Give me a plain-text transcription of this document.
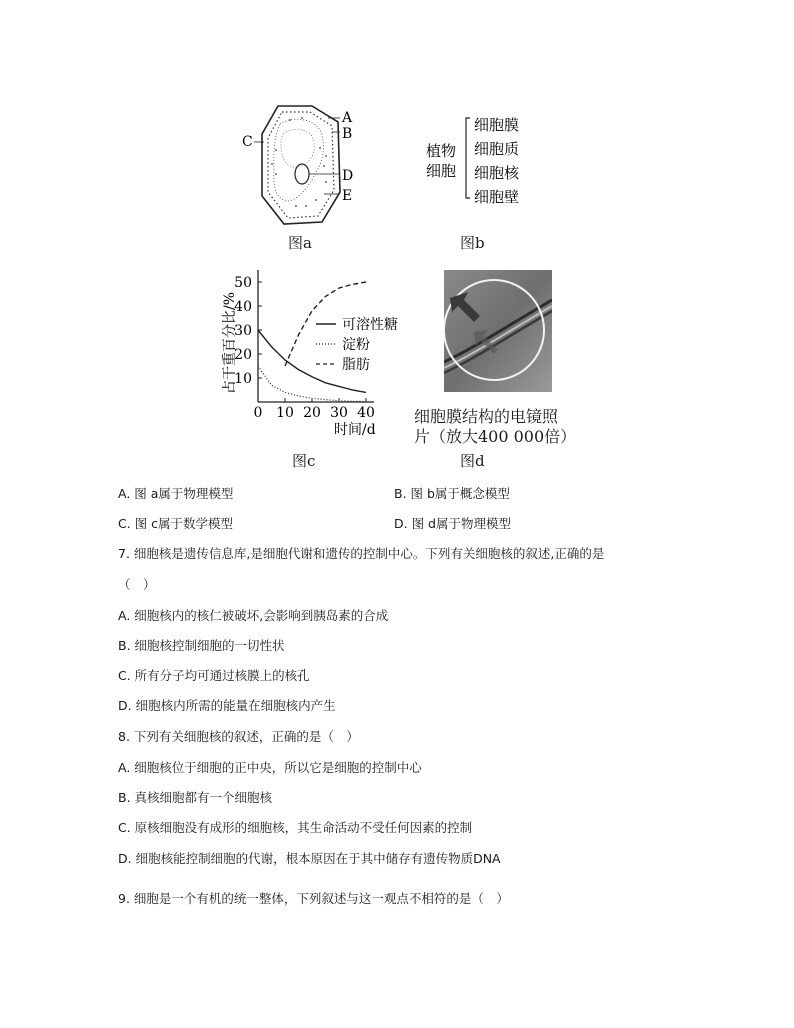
A
B
C
D
E
图a
植物
细胞
细胞膜
细胞质
细胞核
细胞壁
图b
占干重百分比/%
时间/d
0 10 20 30 40
10
20
30
40
50
可溶性糖
淀粉
脂肪
图c
细胞膜结构的电镜照
片（放大400 000倍）
图d
A. 图 a属于物理模型	B. 图 b属于概念模型
C. 图 c属于数学模型	D. 图 d属于物理模型
7. 细胞核是遗传信息库,是细胞代谢和遗传的控制中心。下列有关细胞核的叙述,正确的是
（　）
A. 细胞核内的核仁被破坏,会影响到胰岛素的合成
B. 细胞核控制细胞的一切性状
C. 所有分子均可通过核膜上的核孔
D. 细胞核内所需的能量在细胞核内产生
8. 下列有关细胞核的叙述，正确的是（　）
A. 细胞核位于细胞的正中央，所以它是细胞的控制中心
B. 真核细胞都有一个细胞核
C. 原核细胞没有成形的细胞核，其生命活动不受任何因素的控制
D. 细胞核能控制细胞的代谢，根本原因在于其中储存有遗传物质DNA
9. 细胞是一个有机的统一整体，下列叙述与这一观点不相符的是（　）
